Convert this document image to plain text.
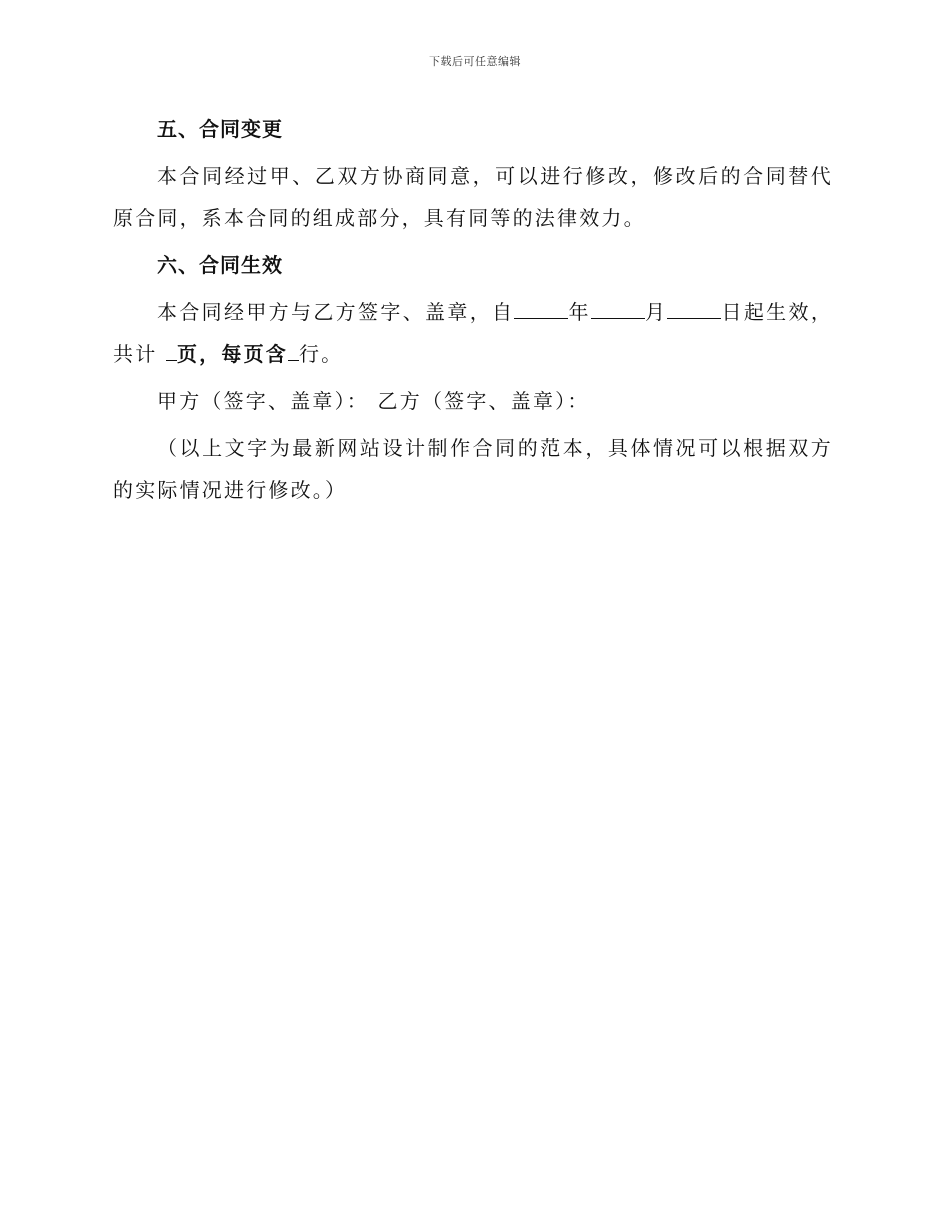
下载后可任意编辑
五、合同变更
本合同经过甲、乙双方协商同意，可以进行修改，修改后的合同替代原合同，系本合同的组成部分，具有同等的法律效力。
六、合同生效
本合同经甲方与乙方签字、盖章，自	年	月	日起生效，共计 页，每页含 行。
甲方（签字、盖章）： 乙方（签字、盖章）：
（以上文字为最新网站设计制作合同的范本，具体情况可以根据双方的实际情况进行修改。）
